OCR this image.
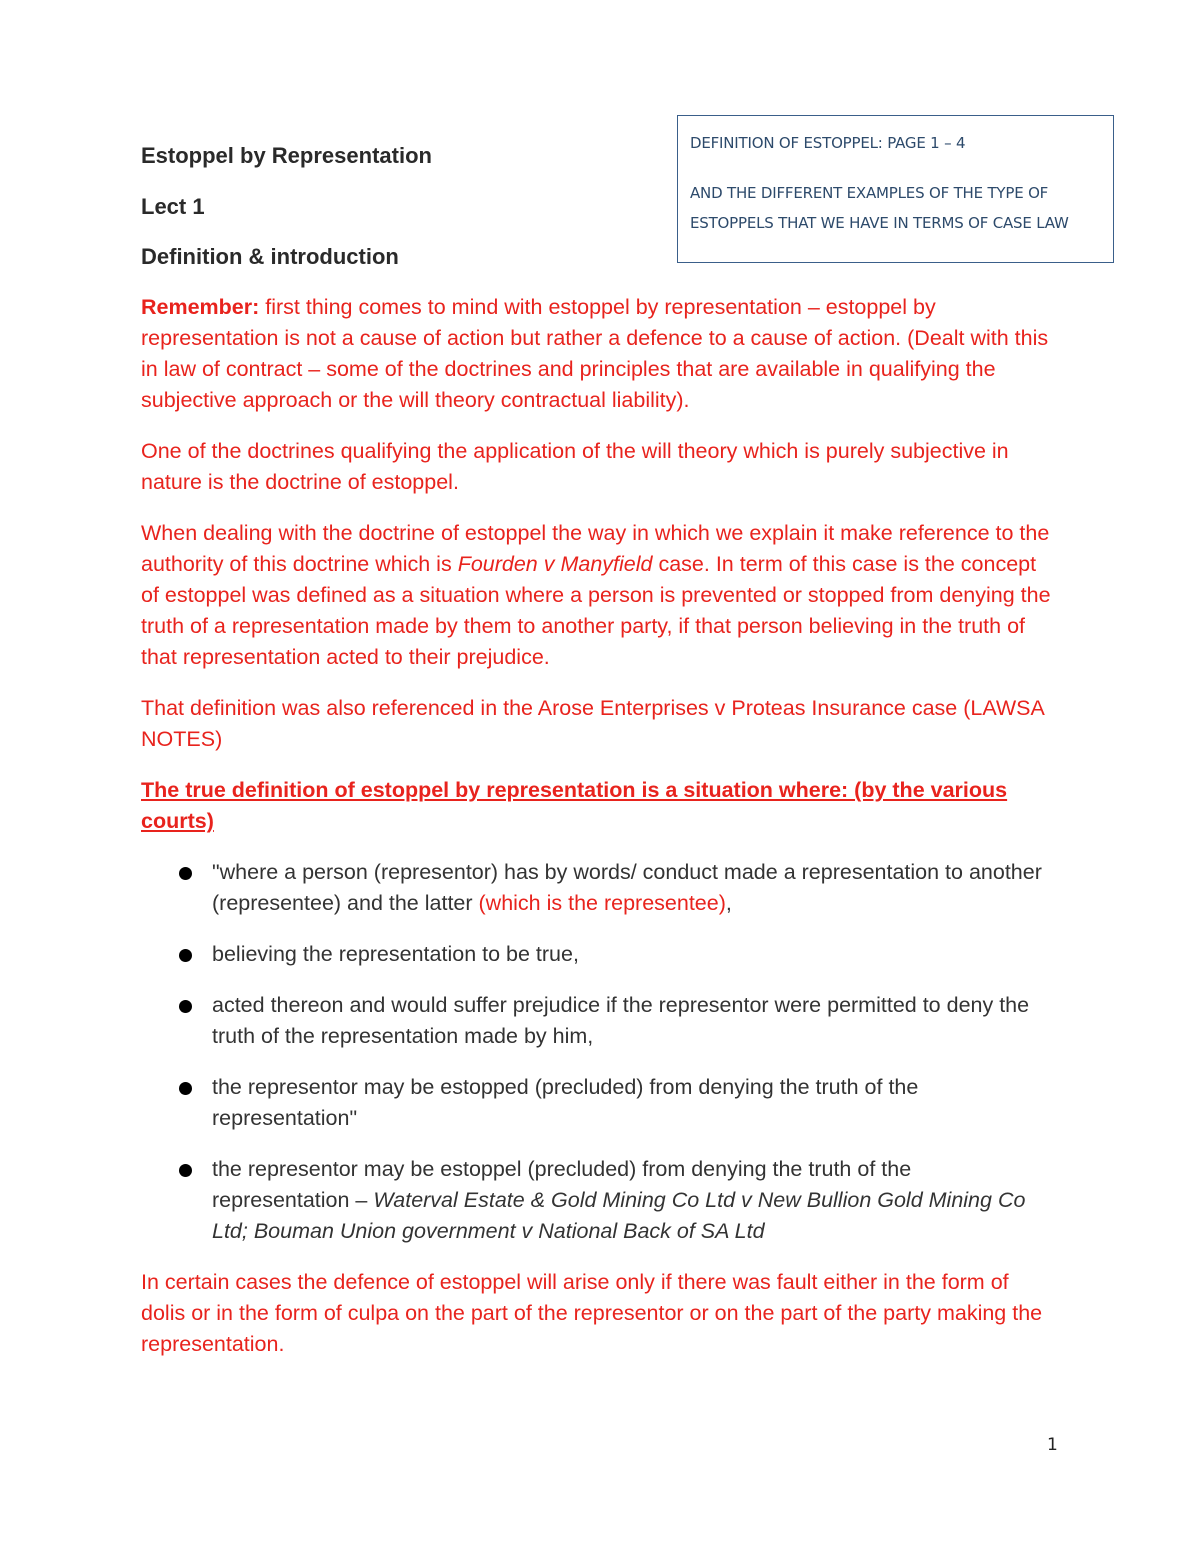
Estoppel by Representation
Lect 1
Definition & introduction

DEFINITION OF ESTOPPEL: PAGE 1 – 4

AND THE DIFFERENT EXAMPLES OF THE TYPE OF ESTOPPELS THAT WE HAVE IN TERMS OF CASE LAW

Remember: first thing comes to mind with estoppel by representation – estoppel by representation is not a cause of action but rather a defence to a cause of action. (Dealt with this in law of contract – some of the doctrines and principles that are available in qualifying the subjective approach or the will theory contractual liability).

One of the doctrines qualifying the application of the will theory which is purely subjective in nature is the doctrine of estoppel.

When dealing with the doctrine of estoppel the way in which we explain it make reference to the authority of this doctrine which is Fourden v Manyfield case. In term of this case is the concept of estoppel was defined as a situation where a person is prevented or stopped from denying the truth of a representation made by them to another party, if that person believing in the truth of that representation acted to their prejudice.

That definition was also referenced in the Arose Enterprises v Proteas Insurance case (LAWSA NOTES)

The true definition of estoppel by representation is a situation where: (by the various courts)

"where a person (representor) has by words/ conduct made a representation to another (representee) and the latter (which is the representee),
believing the representation to be true,
acted thereon and would suffer prejudice if the representor were permitted to deny the truth of the representation made by him,
the representor may be estopped (precluded) from denying the truth of the representation"
the representor may be estoppel (precluded) from denying the truth of the representation – Waterval Estate & Gold Mining Co Ltd v New Bullion Gold Mining Co Ltd; Bouman Union government v National Back of SA Ltd

In certain cases the defence of estoppel will arise only if there was fault either in the form of dolis or in the form of culpa on the part of the representor or on the part of the party making the representation.

1
